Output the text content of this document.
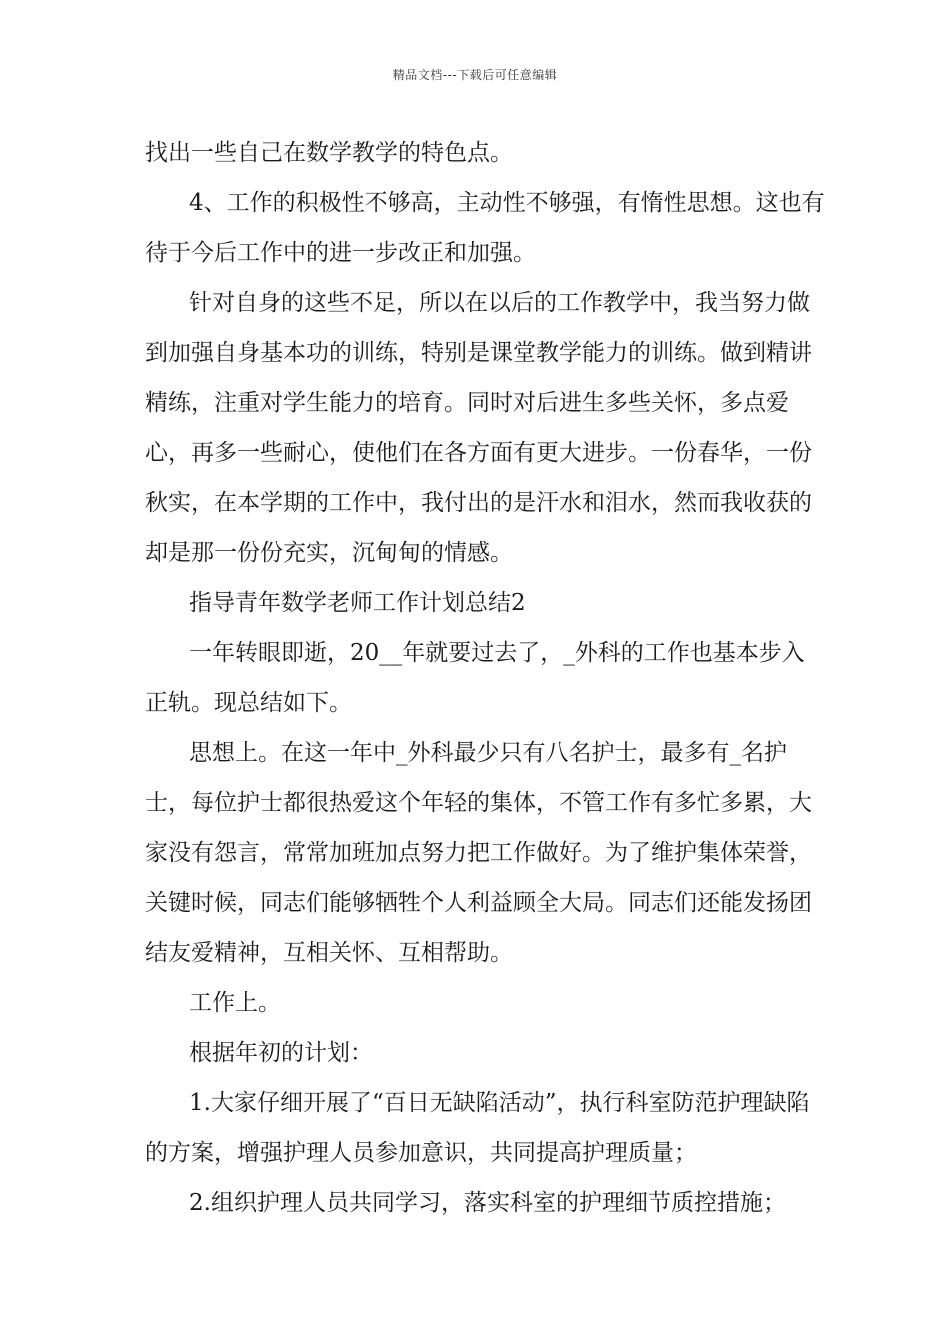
精品文档---下载后可任意编辑

找出一些自己在数学教学的特色点。

4、工作的积极性不够高，主动性不够强，有惰性思想。这也有待于今后工作中的进一步改正和加强。

针对自身的这些不足，所以在以后的工作教学中，我当努力做到加强自身基本功的训练，特别是课堂教学能力的训练。做到精讲精练，注重对学生能力的培育。同时对后进生多些关怀，多点爱心，再多一些耐心，使他们在各方面有更大进步。一份春华，一份秋实，在本学期的工作中，我付出的是汗水和泪水，然而我收获的却是那一份份充实，沉甸甸的情感。

指导青年数学老师工作计划总结2

一年转眼即逝，20__年就要过去了，_外科的工作也基本步入正轨。现总结如下。

思想上。在这一年中_外科最少只有八名护士，最多有_名护士，每位护士都很热爱这个年轻的集体，不管工作有多忙多累，大家没有怨言，常常加班加点努力把工作做好。为了维护集体荣誉，关键时候，同志们能够牺牲个人利益顾全大局。同志们还能发扬团结友爱精神，互相关怀、互相帮助。

工作上。

根据年初的计划：

1.大家仔细开展了“百日无缺陷活动”，执行科室防范护理缺陷的方案，增强护理人员参加意识，共同提高护理质量；

2.组织护理人员共同学习，落实科室的护理细节质控措施；
